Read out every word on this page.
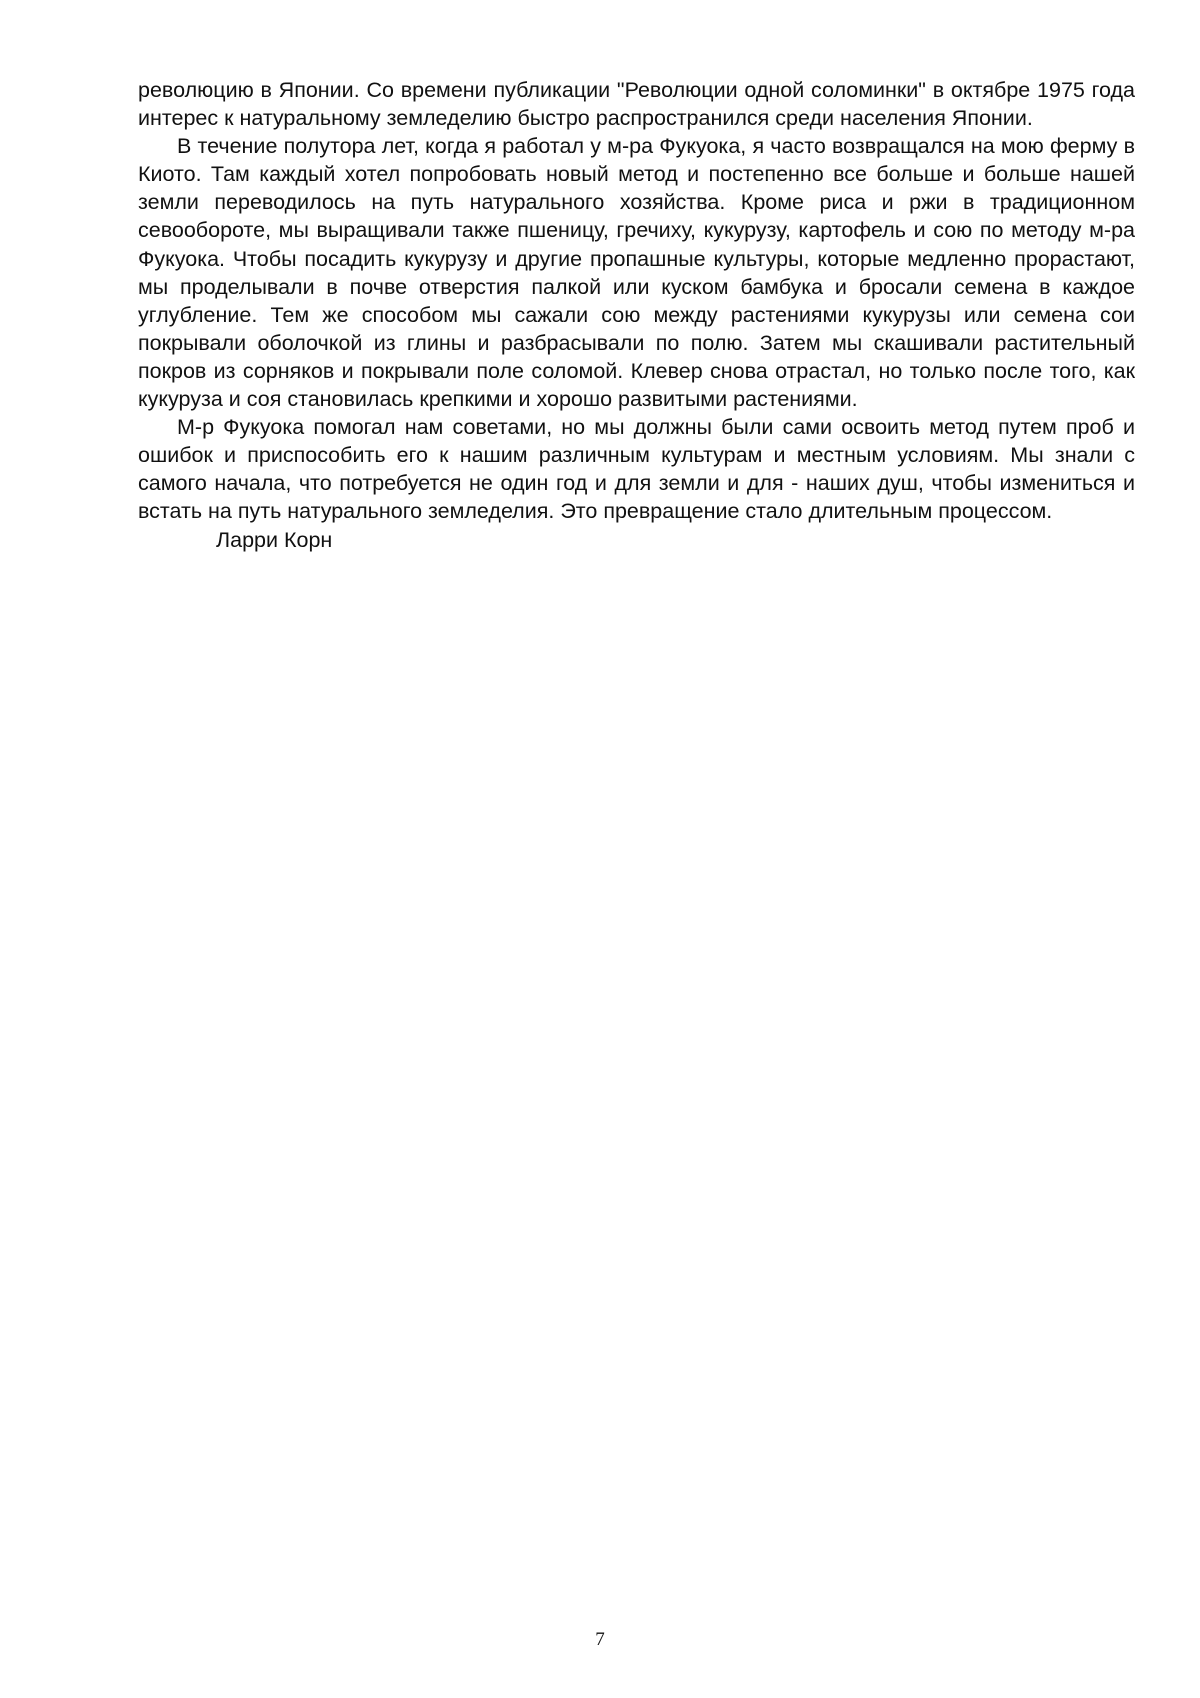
революцию в Японии. Со времени публикации "Революции одной соломинки" в октябре 1975 года интерес к натуральному земледелию быстро распространился среди населения Японии.

В течение полутора лет, когда я работал у м-ра Фукуока, я часто возвращался на мою ферму в Киото. Там каждый хотел попробовать новый метод и постепенно все больше и больше нашей земли переводилось на путь натурального хозяйства. Кроме риса и ржи в традиционном севообороте, мы выращивали также пшеницу, гречиху, кукурузу, картофель и сою по методу м-ра Фукуока. Чтобы посадить кукурузу и другие пропашные культуры, которые медленно прорастают, мы проделывали в почве отверстия палкой или куском бамбука и бросали семена в каждое углубление. Тем же способом мы сажали сою между растениями кукурузы или семена сои покрывали оболочкой из глины и разбрасывали по полю. Затем мы скашивали растительный покров из сорняков и покрывали поле соломой. Клевер снова отрастал, но только после того, как кукуруза и соя становилась крепкими и хорошо развитыми растениями.

М-р Фукуока помогал нам советами, но мы должны были сами освоить метод путем проб и ошибок и приспособить его к нашим различным культурам и местным условиям. Мы знали с самого начала, что потребуется не один год и для земли и для - наших душ, чтобы измениться и встать на путь натурального земледелия. Это превращение стало длительным процессом.

Ларри Корн

7
